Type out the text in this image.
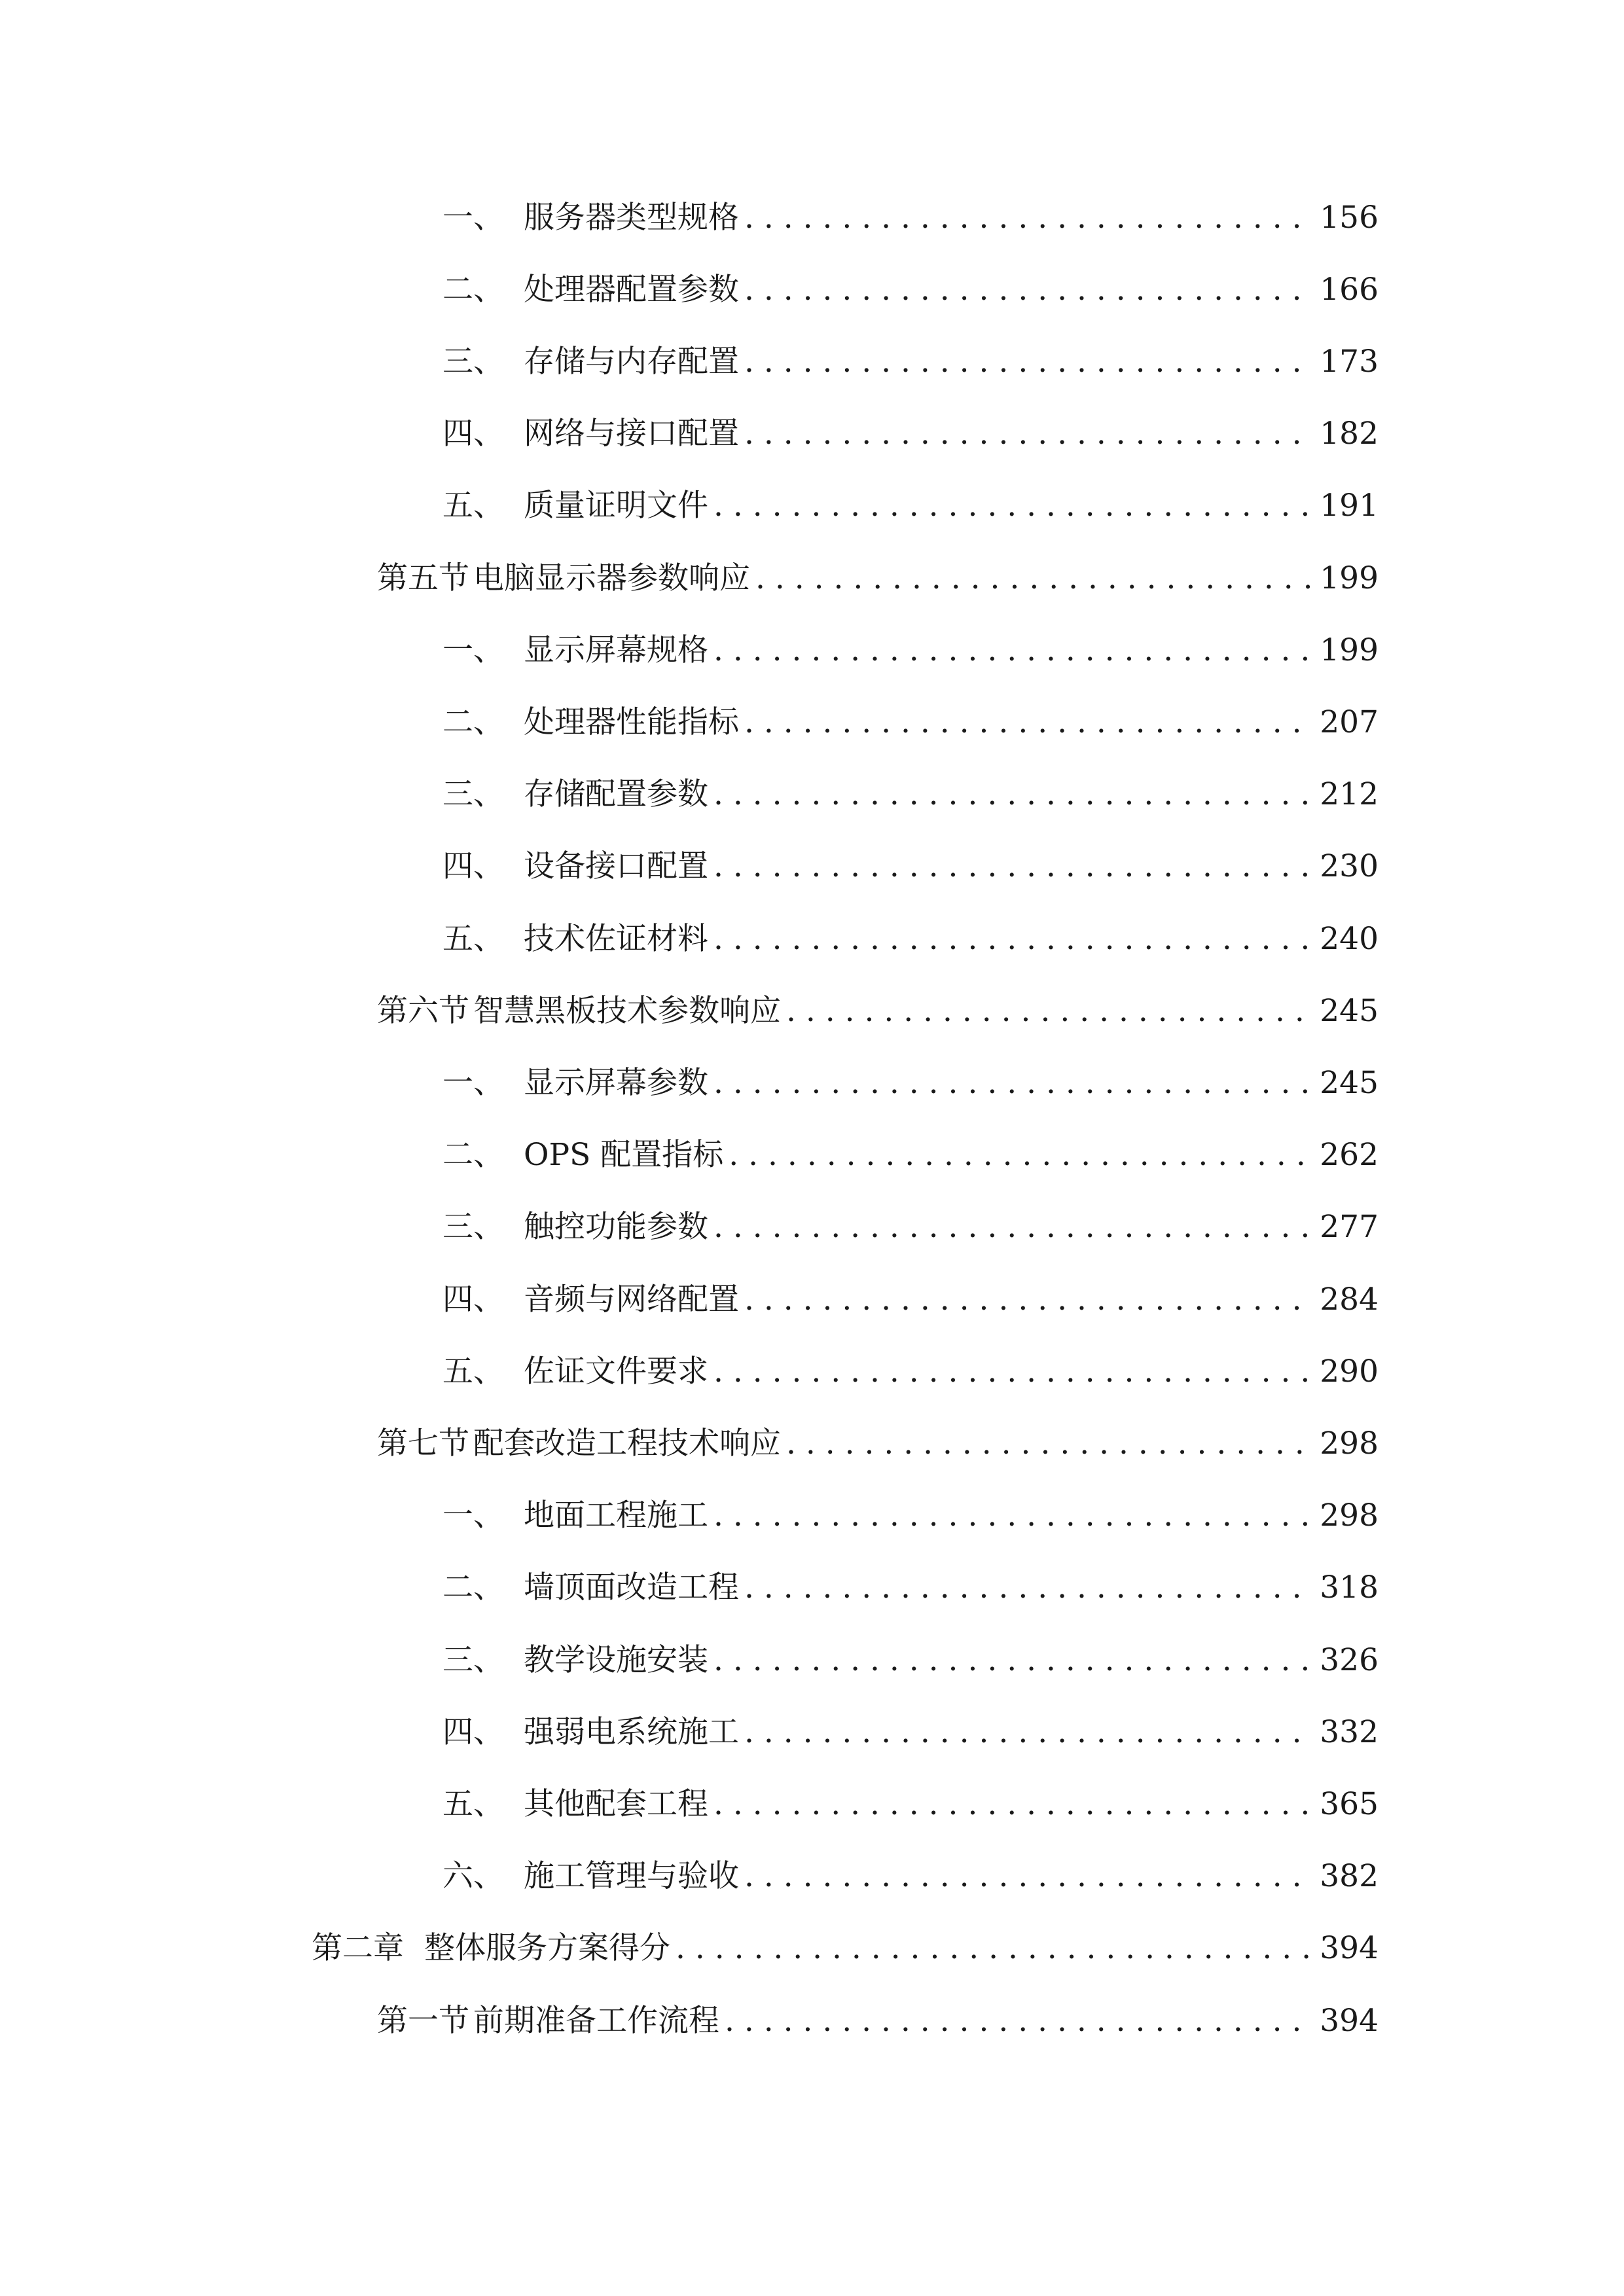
一、 服务器类型规格 . . .	156
二、 处理器配置参数 . . .	166
三、 存储与内存配置 . . .	173
四、 网络与接口配置 . . .	182
五、 质量证明文件 . . .	191
第五节 电脑显示器参数响应 . . .	199
一、 显示屏幕规格 . . .	199
二、 处理器性能指标 . . .	207
三、 存储配置参数 . . .	212
四、 设备接口配置 . . .	230
五、 技术佐证材料 . . .	240
第六节 智慧黑板技术参数响应 . . .	245
一、 显示屏幕参数 . . .	245
二、 OPS 配置指标 . . .	262
三、 触控功能参数 . . .	277
四、 音频与网络配置 . . .	284
五、 佐证文件要求 . . .	290
第七节 配套改造工程技术响应 . . .	298
一、 地面工程施工 . . .	298
二、 墙顶面改造工程 . . .	318
三、 教学设施安装 . . .	326
四、 强弱电系统施工 . . .	332
五、 其他配套工程 . . .	365
六、 施工管理与验收 . . .	382
第二章 整体服务方案得分 . . .	394
第一节 前期准备工作流程 . . .	394
